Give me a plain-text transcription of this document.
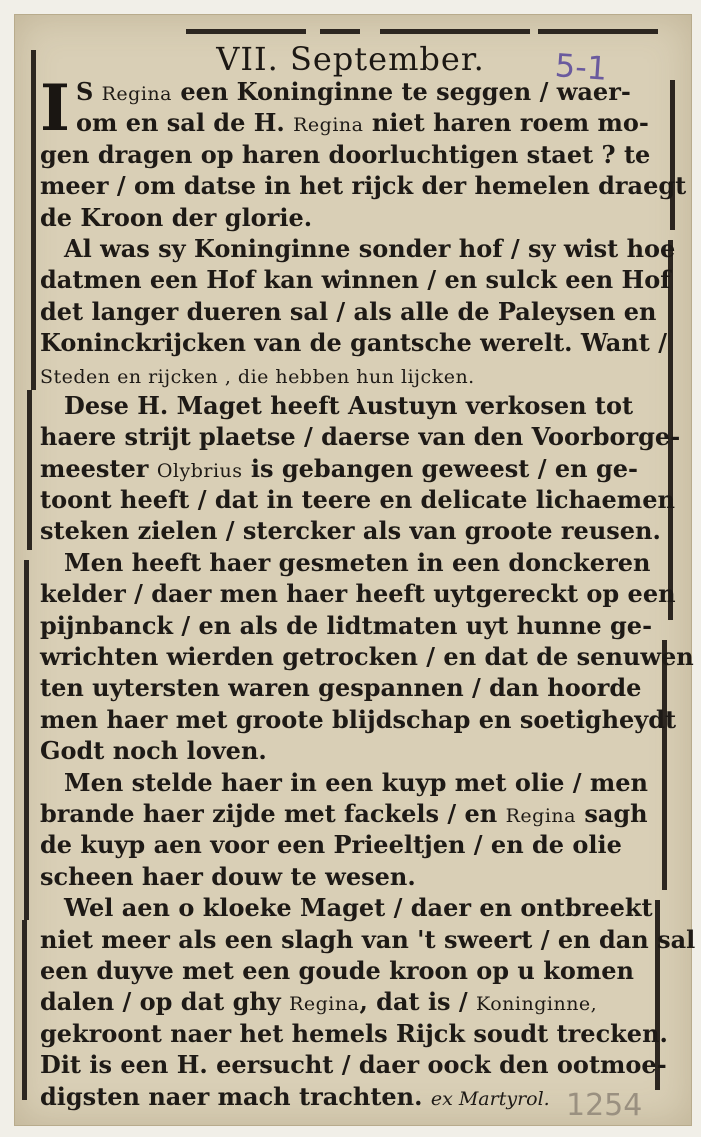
VII. September.	5-1
1254
I S Regina een Koninginne te seggen / waer-
om en sal de H. Regina niet haren roem mo-
gen dragen op haren doorluchtigen staet ? te
meer / om datse in het rijck der hemelen draegt
de Kroon der glorie.
Al was sy Koninginne sonder hof / sy wist hoe
datmen een Hof kan winnen / en sulck een Hof
det langer dueren sal / als alle de Paleysen en
Koninckrijcken van de gantsche werelt. Want /
Steden en rijcken , die hebben hun lijcken.
Dese H. Maget heeft Austuyn verkosen tot
haere strijt plaetse / daerse van den Voorborge-
meester Olybrius is gebangen geweest / en ge-
toont heeft / dat in teere en delicate lichaemen
steken zielen / stercker als van groote reusen.
Men heeft haer gesmeten in een donckeren
kelder / daer men haer heeft uytgereckt op een
pijnbanck / en als de lidtmaten uyt hunne ge-
wrichten wierden getrocken / en dat de senuwen
ten uytersten waren gespannen / dan hoorde
men haer met groote blijdschap en soetigheydt
Godt noch loven.
Men stelde haer in een kuyp met olie / men
brande haer zijde met fackels / en Regina sagh
de kuyp aen voor een Prieeltjen / en de olie
scheen haer douw te wesen.
Wel aen o kloeke Maget / daer en ontbreekt
niet meer als een slagh van 't sweert / en dan sal
een duyve met een goude kroon op u komen
dalen / op dat ghy Regina, dat is / Koninginne,
gekroont naer het hemels Rijck soudt trecken.
Dit is een H. eersucht / daer oock den ootmoe-
digsten naer mach trachten. ex Martyrol.
